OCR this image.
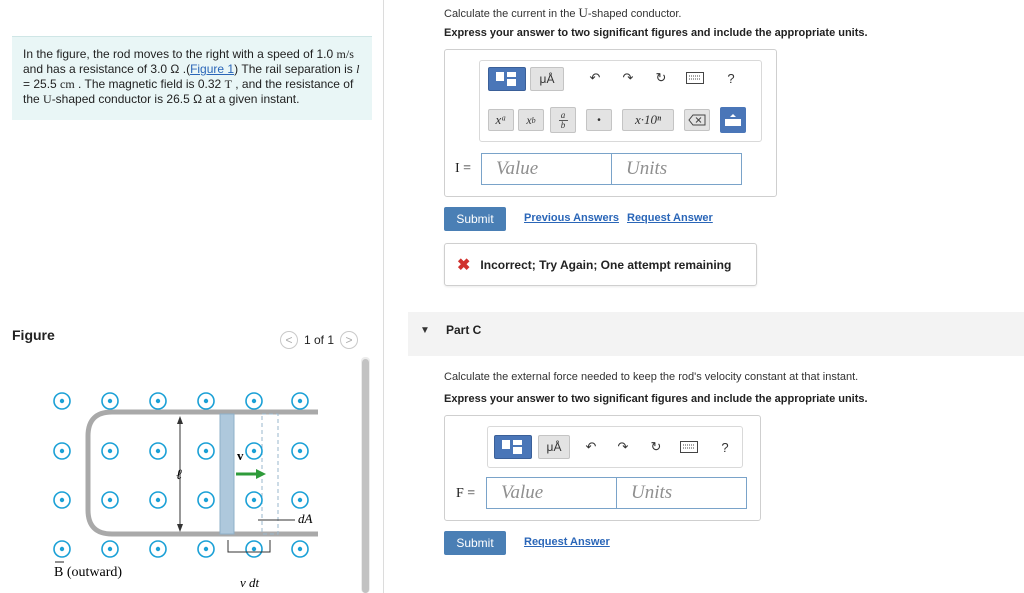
In the figure, the rod moves to the right with a speed of 1.0 m/s
and has a resistance of 3.0 Ω .(Figure 1) The rail separation is l
= 25.5 cm . The magnetic field is 0.32 T , and the resistance of
the U-shaped conductor is 26.5 Ω at a given instant.
Figure	< 1 of 1 >
ℓ
v
dA
v dt
B (outward)
Calculate the current in the U-shaped conductor.
Express your answer to two significant figures and include the appropriate units.
μÅ	↶	↷	↻	?
xᵃ	x b
a
b	•	x·10ⁿ
I =	Value	Units
Submit	Previous Answers Request Answer
✖ Incorrect; Try Again; One attempt remaining
▼ Part C
Calculate the external force needed to keep the rod's velocity constant at that instant.
Express your answer to two significant figures and include the appropriate units.
μÅ	↶	↷	↻	?
F =	Value	Units
Submit	Request Answer
